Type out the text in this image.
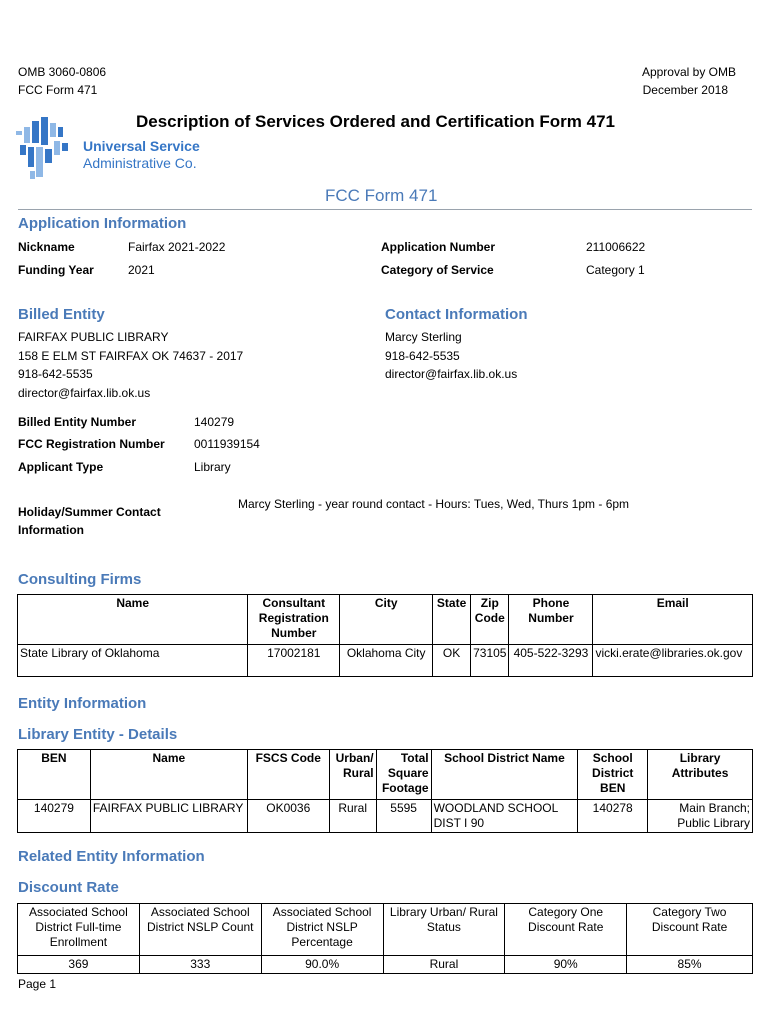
OMB 3060-0806
FCC Form 471
Approval by OMB
December 2018
Universal Service
Administrative Co.
Description of Services Ordered and Certification Form 471
FCC Form 471
Application Information
Nickname	Fairfax 2021-2022
Funding Year	2021
Application Number	211006622
Category of Service	Category 1
Billed Entity
FAIRFAX PUBLIC LIBRARY
158 E ELM ST FAIRFAX OK 74637 - 2017
918-642-5535
director@fairfax.lib.ok.us
Contact Information
Marcy Sterling
918-642-5535
director@fairfax.lib.ok.us
Billed Entity Number	140279
FCC Registration Number 0011939154
Applicant Type	Library
Holiday/Summer Contact
Information
Marcy Sterling - year round contact - Hours: Tues, Wed, Thurs 1pm - 6pm
Consulting Firms
Name	Consultant Registration Number	City	State	Zip Code	Phone Number	Email
State Library of Oklahoma	17002181	Oklahoma City	OK	73105	405-522-3293	vicki.erate@libraries.ok.gov
Entity Information
Library Entity - Details
BEN	Name	FSCS Code	Urban/ Rural	Total Square Footage	School District Name	School District BEN	Library Attributes
140279	FAIRFAX PUBLIC LIBRARY	OK0036	Rural	5595	WOODLAND SCHOOL DIST I 90	140278	Main Branch; Public Library
Related Entity Information
Discount Rate
Associated School District Full-time Enrollment	Associated School District NSLP Count	Associated School District NSLP Percentage	Library Urban/ Rural Status	Category One Discount Rate	Category Two Discount Rate
369	333	90.0%	Rural	90%	85%
Page 1
